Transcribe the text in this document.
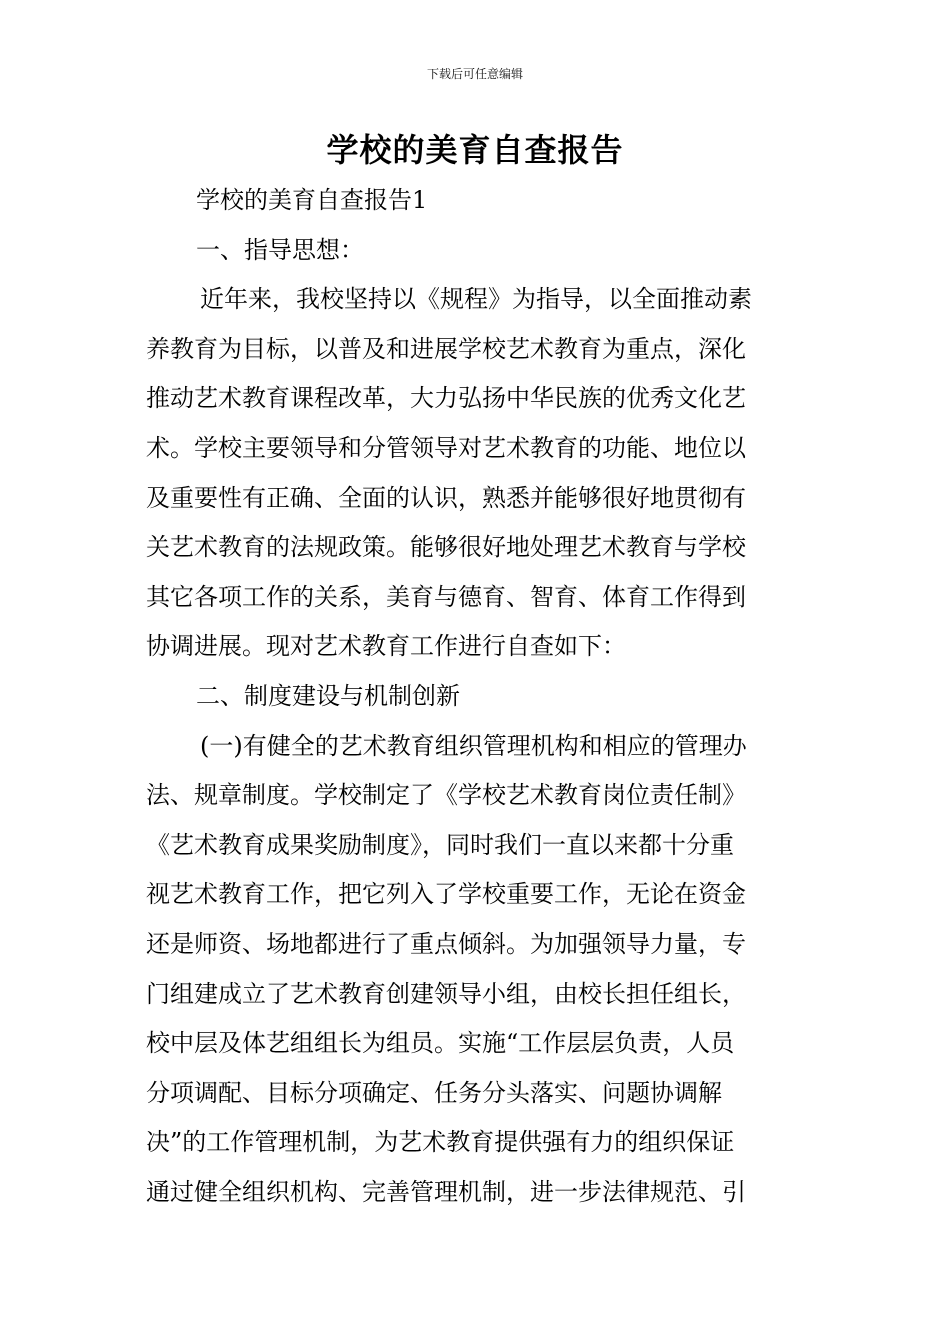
下载后可任意编辑
学校的美育自查报告
学校的美育自查报告1
一、指导思想：
近年来，我校坚持以《规程》为指导，以全面推动素
养教育为目标，以普及和进展学校艺术教育为重点，深化
推动艺术教育课程改革，大力弘扬中华民族的优秀文化艺
术。学校主要领导和分管领导对艺术教育的功能、地位以
及重要性有正确、全面的认识，熟悉并能够很好地贯彻有
关艺术教育的法规政策。能够很好地处理艺术教育与学校
其它各项工作的关系，美育与德育、智育、体育工作得到
协调进展。现对艺术教育工作进行自查如下：
二、制度建设与机制创新
(一)有健全的艺术教育组织管理机构和相应的管理办
法、规章制度。学校制定了《学校艺术教育岗位责任制》
《艺术教育成果奖励制度》，同时我们一直以来都十分重
视艺术教育工作，把它列入了学校重要工作，无论在资金
还是师资、场地都进行了重点倾斜。为加强领导力量，专
门组建成立了艺术教育创建领导小组，由校长担任组长，
校中层及体艺组组长为组员。实施“工作层层负责，人员
分项调配、目标分项确定、任务分头落实、问题协调解
决”的工作管理机制，为艺术教育提供强有力的组织保证
通过健全组织机构、完善管理机制，进一步法律规范、引
